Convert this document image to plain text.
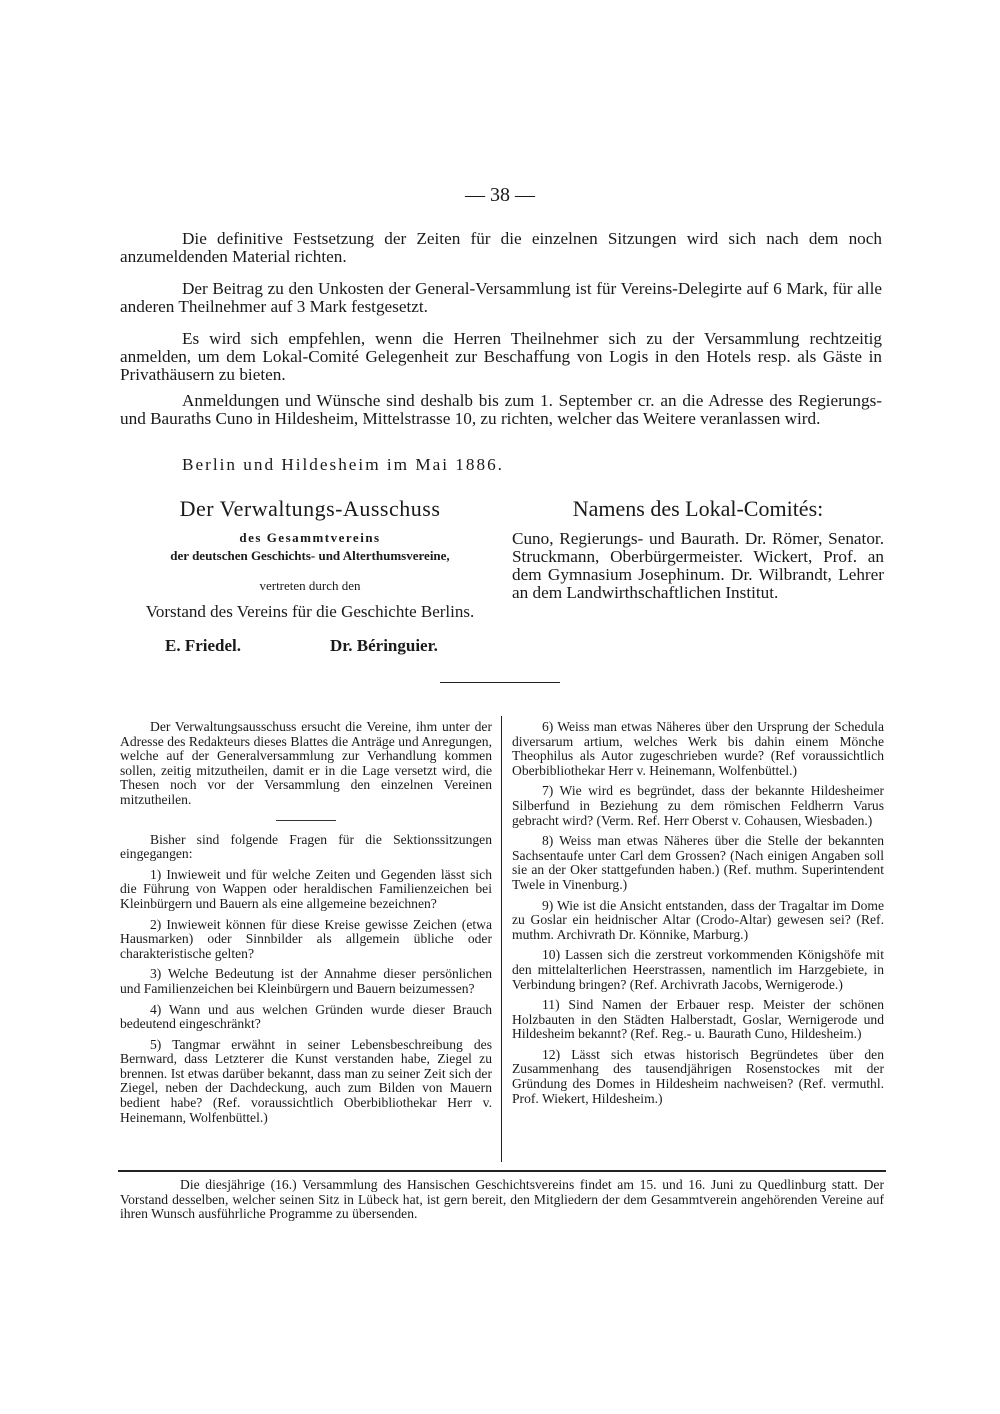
— 38 —

Die definitive Festsetzung der Zeiten für die einzelnen Sitzungen wird sich nach dem noch anzumeldenden Material richten.

Der Beitrag zu den Unkosten der General-Versammlung ist für Vereins-Delegirte auf 6 Mark, für alle anderen Theilnehmer auf 3 Mark festgesetzt.

Es wird sich empfehlen, wenn die Herren Theilnehmer sich zu der Versammlung rechtzeitig anmelden, um dem Lokal-Comité Gelegenheit zur Beschaffung von Logis in den Hotels resp. als Gäste in Privathäusern zu bieten.

Anmeldungen und Wünsche sind deshalb bis zum 1. September cr. an die Adresse des Regierungs- und Bauraths Cuno in Hildesheim, Mittelstrasse 10, zu richten, welcher das Weitere veranlassen wird.

Berlin und Hildesheim im Mai 1886.

Der Verwaltungs-Ausschuss
des Gesammtvereins
der deutschen Geschichts- und Alterthumsvereine,
vertreten durch den
Vorstand des Vereins für die Geschichte Berlins.
E. Friedel.	Dr. Béringuier.
Namens des Lokal-Comités:

Cuno, Regierungs- und Baurath. Dr. Römer, Senator. Struckmann, Oberbürgermeister. Wickert, Prof. an dem Gymnasium Josephinum. Dr. Wilbrandt, Lehrer an dem Landwirthschaftlichen Institut.

Der Verwaltungsausschuss ersucht die Vereine, ihm unter der Adresse des Redakteurs dieses Blattes die Anträge und Anregungen, welche auf der Generalversammlung zur Verhandlung kommen sollen, zeitig mitzutheilen, damit er in die Lage versetzt wird, die Thesen noch vor der Versammlung den einzelnen Vereinen mitzutheilen.

Bisher sind folgende Fragen für die Sektionssitzungen eingegangen:

1) Inwieweit und für welche Zeiten und Gegenden lässt sich die Führung von Wappen oder heraldischen Familienzeichen bei Kleinbürgern und Bauern als eine allgemeine bezeichnen?

2) Inwieweit können für diese Kreise gewisse Zeichen (etwa Hausmarken) oder Sinnbilder als allgemein übliche oder charakteristische gelten?

3) Welche Bedeutung ist der Annahme dieser persönlichen und Familienzeichen bei Kleinbürgern und Bauern beizumessen?

4) Wann und aus welchen Gründen wurde dieser Brauch bedeutend eingeschränkt?

5) Tangmar erwähnt in seiner Lebensbeschreibung des Bernward, dass Letzterer die Kunst verstanden habe, Ziegel zu brennen. Ist etwas darüber bekannt, dass man zu seiner Zeit sich der Ziegel, neben der Dachdeckung, auch zum Bilden von Mauern bedient habe? (Ref. voraussichtlich Oberbibliothekar Herr v. Heinemann, Wolfenbüttel.)

6) Weiss man etwas Näheres über den Ursprung der Schedula diversarum artium, welches Werk bis dahin einem Mönche Theophilus als Autor zugeschrieben wurde? (Ref voraussichtlich Oberbibliothekar Herr v. Heinemann, Wolfenbüttel.)

7) Wie wird es begründet, dass der bekannte Hildesheimer Silberfund in Beziehung zu dem römischen Feldherrn Varus gebracht wird? (Verm. Ref. Herr Oberst v. Cohausen, Wiesbaden.)

8) Weiss man etwas Näheres über die Stelle der bekannten Sachsentaufe unter Carl dem Grossen? (Nach einigen Angaben soll sie an der Oker stattgefunden haben.) (Ref. muthm. Superintendent Twele in Vinenburg.)

9) Wie ist die Ansicht entstanden, dass der Tragaltar im Dome zu Goslar ein heidnischer Altar (Crodo-Altar) gewesen sei? (Ref. muthm. Archivrath Dr. Könnike, Marburg.)

10) Lassen sich die zerstreut vorkommenden Königshöfe mit den mittelalterlichen Heerstrassen, namentlich im Harzgebiete, in Verbindung bringen? (Ref. Archivrath Jacobs, Wernigerode.)

11) Sind Namen der Erbauer resp. Meister der schönen Holzbauten in den Städten Halberstadt, Goslar, Wernigerode und Hildesheim bekannt? (Ref. Reg.- u. Baurath Cuno, Hildesheim.)

12) Lässt sich etwas historisch Begründetes über den Zusammenhang des tausendjährigen Rosenstockes mit der Gründung des Domes in Hildesheim nachweisen? (Ref. vermuthl. Prof. Wiekert, Hildesheim.)

Die diesjährige (16.) Versammlung des Hansischen Geschichtsvereins findet am 15. und 16. Juni zu Quedlinburg statt. Der Vorstand desselben, welcher seinen Sitz in Lübeck hat, ist gern bereit, den Mitgliedern der dem Gesammtverein angehörenden Vereine auf ihren Wunsch ausführliche Programme zu übersenden.
